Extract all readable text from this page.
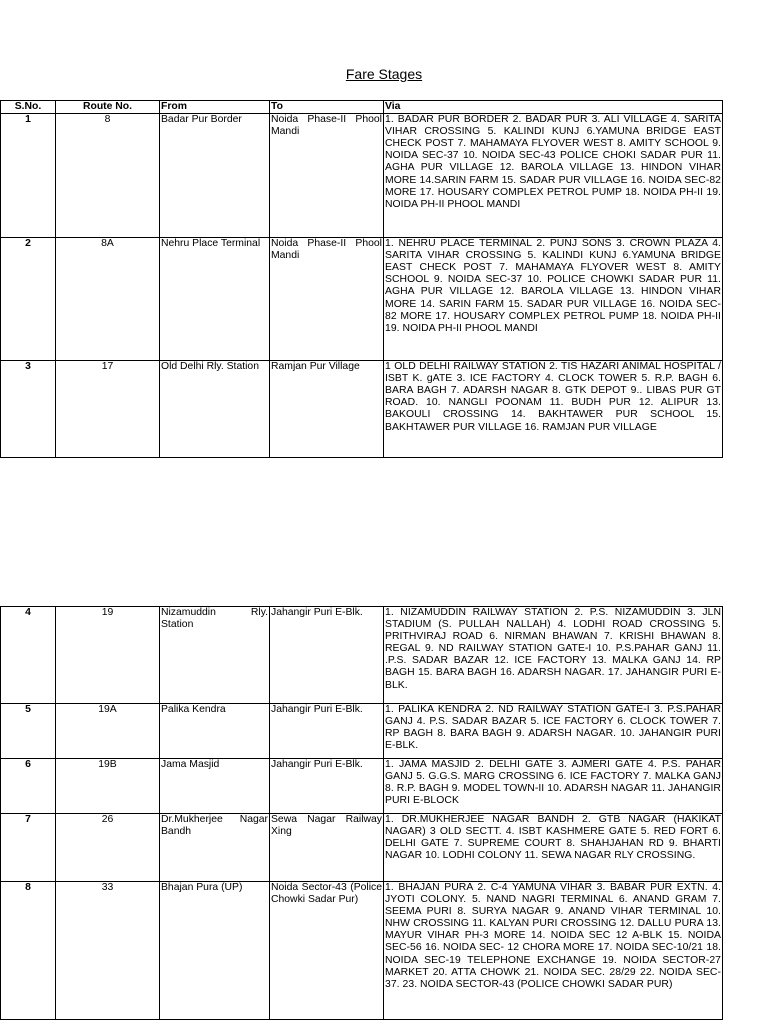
Fare Stages
S.No.	Route No.	From	To	Via
1	8	Badar Pur Border	Noida Phase-II Phool Mandi	1. BADAR PUR BORDER 2. BADAR PUR 3. ALI VILLAGE 4. SARITA VIHAR CROSSING 5. KALINDI KUNJ 6.YAMUNA BRIDGE EAST CHECK POST 7. MAHAMAYA FLYOVER WEST 8. AMITY SCHOOL 9. NOIDA SEC-37 10. NOIDA SEC-43 POLICE CHOKI SADAR PUR 11. AGHA PUR VILLAGE 12. BAROLA VILLAGE 13. HINDON VIHAR MORE 14.SARIN FARM 15. SADAR PUR VILLAGE 16. NOIDA SEC-82 MORE 17. HOUSARY COMPLEX PETROL PUMP 18. NOIDA PH-II 19. NOIDA PH-II PHOOL MANDI
2	8A	Nehru Place Terminal	Noida Phase-II Phool Mandi	1. NEHRU PLACE TERMINAL 2. PUNJ SONS 3. CROWN PLAZA 4. SARITA VIHAR CROSSING 5. KALINDI KUNJ 6.YAMUNA BRIDGE EAST CHECK POST 7. MAHAMAYA FLYOVER WEST 8. AMITY SCHOOL 9. NOIDA SEC-37 10. POLICE CHOWKI SADAR PUR 11. AGHA PUR VILLAGE 12. BAROLA VILLAGE 13. HINDON VIHAR MORE 14. SARIN FARM 15. SADAR PUR VILLAGE 16. NOIDA SEC-82 MORE 17. HOUSARY COMPLEX PETROL PUMP 18. NOIDA PH-II 19. NOIDA PH-II PHOOL MANDI
3	17	Old Delhi Rly. Station	Ramjan Pur Village	1 OLD DELHI RAILWAY STATION 2. TIS HAZARI ANIMAL HOSPITAL / ISBT K. gATE 3. ICE FACTORY 4. CLOCK TOWER 5. R.P. BAGH 6. BARA BAGH 7. ADARSH NAGAR 8. GTK DEPOT 9.. LIBAS PUR GT ROAD. 10. NANGLI POONAM 11. BUDH PUR 12. ALIPUR 13. BAKOULI CROSSING 14. BAKHTAWER PUR SCHOOL 15. BAKHTAWER PUR VILLAGE 16. RAMJAN PUR VILLAGE
4	19	Nizamuddin Rly. Station	Jahangir Puri E-Blk.	1. NIZAMUDDIN RAILWAY STATION 2. P.S. NIZAMUDDIN 3. JLN STADIUM (S. PULLAH NALLAH) 4. LODHI ROAD CROSSING 5. PRITHVIRAJ ROAD 6. NIRMAN BHAWAN 7. KRISHI BHAWAN 8. REGAL 9. ND RAILWAY STATION GATE-I 10. P.S.PAHAR GANJ 11. .P.S. SADAR BAZAR 12. ICE FACTORY 13. MALKA GANJ 14. RP BAGH 15. BARA BAGH 16. ADARSH NAGAR. 17. JAHANGIR PURI E-BLK.
5	19A	Palika Kendra	Jahangir Puri E-Blk.	1. PALIKA KENDRA 2. ND RAILWAY STATION GATE-I 3. P.S.PAHAR GANJ 4. P.S. SADAR BAZAR 5. ICE FACTORY 6. CLOCK TOWER 7. RP BAGH 8. BARA BAGH 9. ADARSH NAGAR. 10. JAHANGIR PURI E-BLK.
6	19B	Jama Masjid	Jahangir Puri E-Blk.	1. JAMA MASJID 2. DELHI GATE 3. AJMERI GATE 4. P.S. PAHAR GANJ 5. G.G.S. MARG CROSSING 6. ICE FACTORY 7. MALKA GANJ 8. R.P. BAGH 9. MODEL TOWN-II 10. ADARSH NAGAR 11. JAHANGIR PURI E-BLOCK
7	26	Dr.Mukherjee Nagar Bandh	Sewa Nagar Railway Xing	1. DR.MUKHERJEE NAGAR BANDH 2. GTB NAGAR (HAKIKAT NAGAR) 3 OLD SECTT. 4. ISBT KASHMERE GATE 5. RED FORT 6. DELHI GATE 7. SUPREME COURT 8. SHAHJAHAN RD 9. BHARTI NAGAR 10. LODHI COLONY 11. SEWA NAGAR RLY CROSSING.
8	33	Bhajan Pura (UP)	Noida Sector-43 (Police Chowki Sadar Pur)	1. BHAJAN PURA 2. C-4 YAMUNA VIHAR 3. BABAR PUR EXTN. 4. JYOTI COLONY. 5. NAND NAGRI TERMINAL 6. ANAND GRAM 7. SEEMA PURI 8. SURYA NAGAR 9. ANAND VIHAR TERMINAL 10. NHW CROSSING 11. KALYAN PURI CROSSING 12. DALLU PURA 13. MAYUR VIHAR PH-3 MORE 14. NOIDA SEC 12 A-BLK 15. NOIDA SEC-56 16. NOIDA SEC- 12 CHORA MORE 17. NOIDA SEC-10/21 18. NOIDA SEC-19 TELEPHONE EXCHANGE 19. NOIDA SECTOR-27 MARKET 20. ATTA CHOWK 21. NOIDA SEC. 28/29 22. NOIDA SEC-37. 23. NOIDA SECTOR-43 (POLICE CHOWKI SADAR PUR)
